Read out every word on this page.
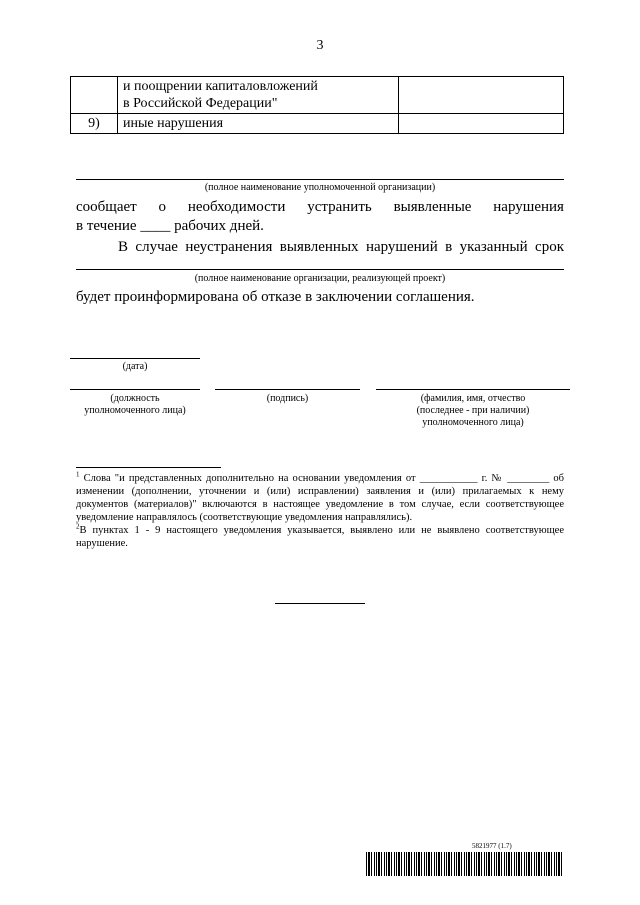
3

	и поощрении капиталовложений
в Российской Федерации"	

9)	иные нарушения	

(полное наименование уполномоченной организации)
сообщает о необходимости устранить выявленные нарушения
в течение ____ рабочих дней.
В случае неустранения выявленных нарушений в указанный срок
(полное наименование организации, реализующей проект)
будет проинформирована об отказе в заключении соглашения.
(дата)
(должность
уполномоченного лица)
(подпись)	(фамилия, имя, отчество
(последнее - при наличии)
уполномоченного лица)
$^1$ Слова "и представленных дополнительно на основании уведомления от ___________ г. № ________ об изменении (дополнении, уточнении и (или) исправлении) заявления и (или) прилагаемых к нему документов (материалов)" включаются в настоящее уведомление в том случае, если соответствующее уведомление направлялось (соответствующие уведомления направлялись).
$^2$В пунктах 1 - 9 настоящего уведомления указывается, выявлено или не выявлено соответствующее нарушение.
5821977 (1.7)
